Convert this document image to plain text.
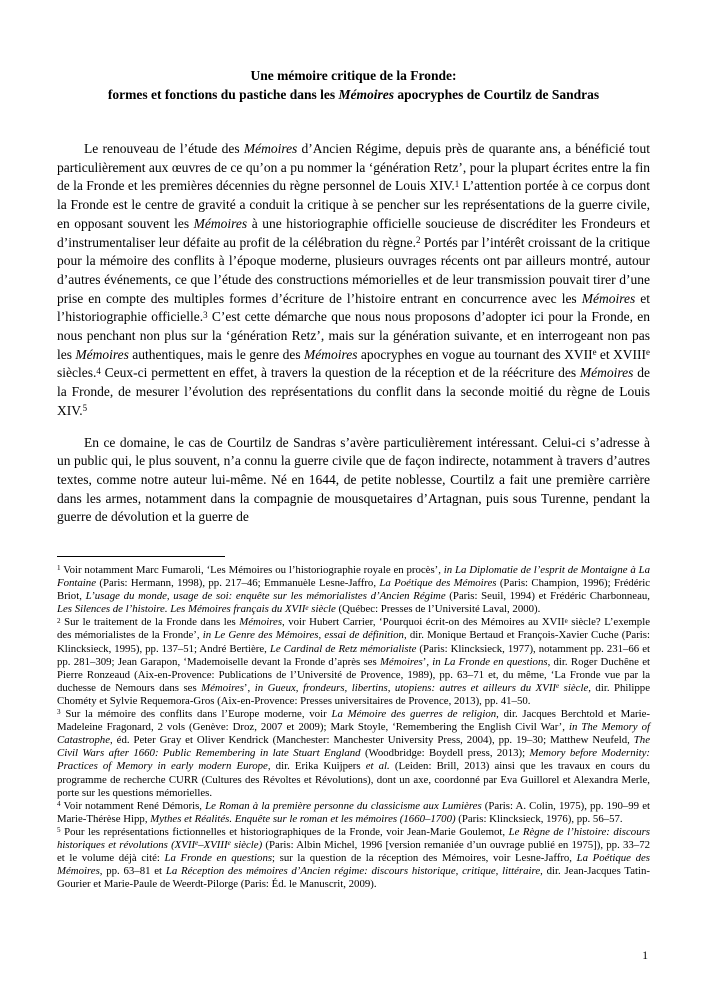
Une mémoire critique de la Fronde:
formes et fonctions du pastiche dans les Mémoires apocryphes de Courtilz de Sandras

Le renouveau de l’étude des Mémoires d’Ancien Régime, depuis près de quarante ans, a bénéficié tout particulièrement aux œuvres de ce qu’on a pu nommer la ‘génération Retz’, pour la plupart écrites entre la fin de la Fronde et les premières décennies du règne personnel de Louis XIV.$^1$ L’attention portée à ce corpus dont la Fronde est le centre de gravité a conduit la critique à se pencher sur les représentations de la guerre civile, en opposant souvent les Mémoires à une historiographie officielle soucieuse de discréditer les Frondeurs et d’instrumentaliser leur défaite au profit de la célébration du règne.$^2$ Portés par l’intérêt croissant de la critique pour la mémoire des conflits à l’époque moderne, plusieurs ouvrages récents ont par ailleurs montré, autour d’autres événements, ce que l’étude des constructions mémorielles et de leur transmission pouvait tirer d’une prise en compte des multiples formes d’écriture de l’histoire entrant en concurrence avec les Mémoires et l’historiographie officielle.$^3$ C’est cette démarche que nous nous proposons d’adopter ici pour la Fronde, en nous penchant non plus sur la ‘génération Retz’, mais sur la génération suivante, et en interrogeant non pas les Mémoires authentiques, mais le genre des Mémoires apocryphes en vogue au tournant des XVIIe et XVIIIe siècles.$^4$ Ceux-ci permettent en effet, à travers la question de la réception et de la réécriture des Mémoires de la Fronde, de mesurer l’évolution des représentations du conflit dans la seconde moitié du règne de Louis XIV.$^5$

En ce domaine, le cas de Courtilz de Sandras s’avère particulièrement intéressant. Celui-ci s’adresse à un public qui, le plus souvent, n’a connu la guerre civile que de façon indirecte, notamment à travers d’autres textes, comme notre auteur lui-même. Né en 1644, de petite noblesse, Courtilz a fait une première carrière dans les armes, notamment dans la compagnie de mousquetaires d’Artagnan, puis sous Turenne, pendant la guerre de dévolution et la guerre de

$^1$ Voir notamment Marc Fumaroli, ‘Les Mémoires ou l’historiographie royale en procès’, in La Diplomatie de l’esprit de Montaigne à La Fontaine (Paris: Hermann, 1998), pp. 217–46; Emmanuèle Lesne-Jaffro, La Poétique des Mémoires (Paris: Champion, 1996); Frédéric Briot, L’usage du monde, usage de soi: enquête sur les mémorialistes d’Ancien Régime (Paris: Seuil, 1994) et Frédéric Charbonneau, Les Silences de l’histoire. Les Mémoires français du XVIIe siècle (Québec: Presses de l’Université Laval, 2000).
$^2$ Sur le traitement de la Fronde dans les Mémoires, voir Hubert Carrier, ‘Pourquoi écrit-on des Mémoires au XVIIe siècle? L’exemple des mémorialistes de la Fronde’, in Le Genre des Mémoires, essai de définition, dir. Monique Bertaud et François-Xavier Cuche (Paris: Klincksieck, 1995), pp. 137–51; André Bertière, Le Cardinal de Retz mémorialiste (Paris: Klincksieck, 1977), notamment pp. 231–66 et pp. 281–309; Jean Garapon, ‘Mademoiselle devant la Fronde d’après ses Mémoires’, in La Fronde en questions, dir. Roger Duchêne et Pierre Ronzeaud (Aix-en-Provence: Publications de l’Université de Provence, 1989), pp. 63–71 et, du même, ‘La Fronde vue par la duchesse de Nemours dans ses Mémoires’, in Gueux, frondeurs, libertins, utopiens: autres et ailleurs du XVIIe siècle, dir. Philippe Chométy et Sylvie Requemora-Gros (Aix-en-Provence: Presses universitaires de Provence, 2013), pp. 41–50.
$^3$ Sur la mémoire des conflits dans l’Europe moderne, voir La Mémoire des guerres de religion, dir. Jacques Berchtold et Marie-Madeleine Fragonard, 2 vols (Genève: Droz, 2007 et 2009); Mark Stoyle, ‘Remembering the English Civil War’, in The Memory of Catastrophe, éd. Peter Gray et Oliver Kendrick (Manchester: Manchester University Press, 2004), pp. 19–30; Matthew Neufeld, The Civil Wars after 1660: Public Remembering in late Stuart England (Woodbridge: Boydell press, 2013); Memory before Modernity: Practices of Memory in early modern Europe, dir. Erika Kuijpers et al. (Leiden: Brill, 2013) ainsi que les travaux en cours du programme de recherche CURR (Cultures des Révoltes et Révolutions), dont un axe, coordonné par Eva Guillorel et Alexandra Merle, porte sur les questions mémorielles.
$^4$ Voir notamment René Démoris, Le Roman à la première personne du classicisme aux Lumières (Paris: A. Colin, 1975), pp. 190–99 et Marie-Thérèse Hipp, Mythes et Réalités. Enquête sur le roman et les mémoires (1660–1700) (Paris: Klincksieck, 1976), pp. 56–57.
$^5$ Pour les représentations fictionnelles et historiographiques de la Fronde, voir Jean-Marie Goulemot, Le Règne de l’histoire: discours historiques et révolutions (XVIIe–XVIIIe siècle) (Paris: Albin Michel, 1996 [version remaniée d’un ouvrage publié en 1975]), pp. 33–72 et le volume déjà cité: La Fronde en questions; sur la question de la réception des Mémoires, voir Lesne-Jaffro, La Poétique des Mémoires, pp. 63–81 et La Réception des mémoires d’Ancien régime: discours historique, critique, littéraire, dir. Jean-Jacques Tatin-Gourier et Marie-Paule de Weerdt-Pilorge (Paris: Éd. le Manuscrit, 2009).
1
